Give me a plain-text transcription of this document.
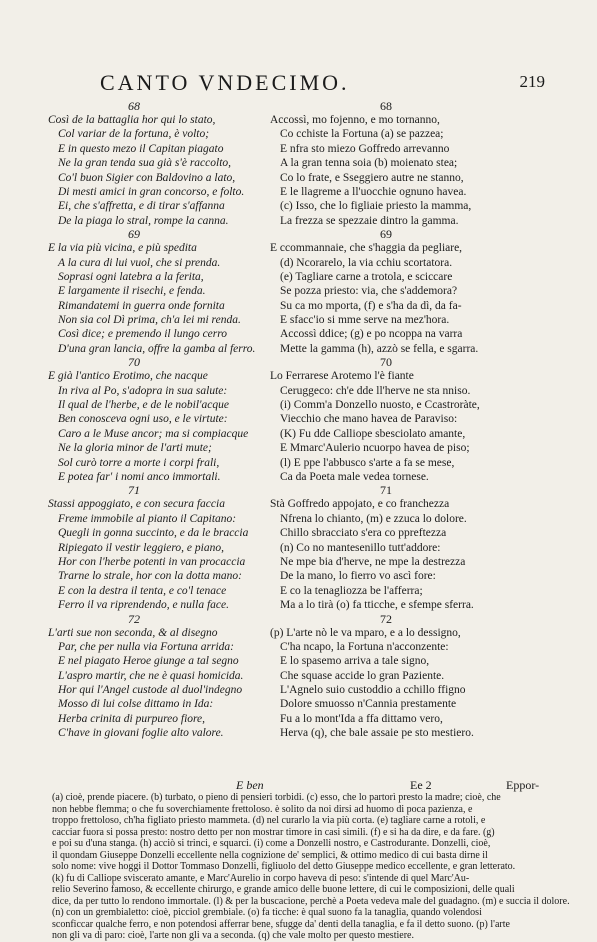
CANTO VNDECIMO.	219
68
Così de la battaglia hor qui lo stato,
Col variar de la fortuna, è volto;
E in questo mezo il Capitan piagato
Ne la gran tenda sua già s'è raccolto,
Co'l buon Sigier con Baldovino a lato,
Di mesti amici in gran concorso, e folto.
Ei, che s'affretta, e di tirar s'affanna
De la piaga lo stral, rompe la canna.
69
E la via più vicina, e più spedita
A la cura di lui vuol, che si prenda.
Soprasi ogni latebra a la ferita,
E largamente il risechi, e fenda.
Rimandatemi in guerra onde fornita
Non sia col Dì prima, ch'a lei mi renda.
Così dice; e premendo il lungo cerro
D'una gran lancia, offre la gamba al ferro.
70
E già l'antico Erotimo, che nacque
In riva al Po, s'adopra in sua salute:
Il qual de l'herbe, e de le nobil'acque
Ben conosceva ogni uso, e le virtute:
Caro a le Muse ancor; ma si compiacque
Ne la gloria minor de l'arti mute;
Sol curò torre a morte i corpi frali,
E potea far' i nomi anco immortali.
71
Stassi appoggiato, e con secura faccia
Freme immobile al pianto il Capitano:
Quegli in gonna succinto, e da le braccia
Ripiegato il vestir leggiero, e piano,
Hor con l'herbe potenti in van procaccia
Trarne lo strale, hor con la dotta mano:
E con la destra il tenta, e co'l tenace
Ferro il va riprendendo, e nulla face.
72
L'arti sue non seconda, & al disegno
Par, che per nulla via Fortuna arrida:
E nel piagato Heroe giunge a tal segno
L'aspro martir, che ne è quasi homicida.
Hor qui l'Angel custode al duol'indegno
Mosso di lui colse dittamo in Ida:
Herba crinita di purpureo fiore,
C'have in giovani foglie alto valore.
68
Accossì, mo fojenno, e mo tornanno,
Co cchiste la Fortuna (a) se pazzea;
E nfra sto miezo Goffredo arrevanno
A la gran tenna soia (b) moienato stea;
Co lo frate, e Sseggiero autre ne stanno,
E le llagreme a ll'uocchie ognuno havea.
(c) Isso, che lo figliaie priesto la mamma,
La frezza se spezzaie dintro la gamma.
69
E ccommannaie, che s'haggia da pegliare,
(d) Ncorarelo, la via cchiu scortatora.
(e) Tagliare carne a trotola, e sciccare
Se pozza priesto: via, che s'addemora?
Su ca mo mporta, (f) e s'ha da dì, da fa-
E sfacc'io si mme serve na mez'hora.
Accossì ddice; (g) e po ncoppa na varra
Mette la gamma (h), azzò se fella, e sgarra.
70
Lo Ferrarese Arotemo l'è fiante
Ceruggeco: ch'e dde ll'herve ne sta nniso.
(i) Comm'a Donzello nuosto, e Ccastroràte,
Viecchio che mano havea de Paraviso:
(K) Fu dde Calliope sbesciolato amante,
E Mmarc'Aulerio ncuorpo havea de piso;
(l) E ppe l'abbusco s'arte a fa se mese,
Ca da Poeta male vedea tornese.
71
Stà Goffredo appojato, e co franchezza
Nfrena lo chianto, (m) e zzuca lo dolore.
Chillo sbracciato s'era co ppreftezza
(n) Co no mantesenillo tutt'addore:
Ne mpe bia d'herve, ne mpe la destrezza
De la mano, lo fierro vo ascì fore:
E co la tenagliozza be l'afferra;
Ma a lo tirà (o) fa tticche, e sfempe sferra.
72
(p) L'arte nò le va mparo, e a lo dessigno,
C'ha ncapo, la Fortuna n'acconzente:
E lo spasemo arriva a tale signo,
Che squase accide lo gran Paziente.
L'Agnelo suio custoddio a cchillo ffigno
Dolore smuosso n'Cannia prestamente
Fu a lo mont'Ida a ffa dittamo vero,
Herva (q), che bale assaie pe sto mestiero.
E ben	Ee 2	Eppor-
(a) cioè, prende piacere. (b) turbato, o pieno di pensieri torbidi. (c) esso, che lo partorì presto la madre; cioè, che
non hebbe flemma; o che fu soverchiamente frettoloso. è solito da noi dirsi ad huomo di poca pazienza, e
troppo frettoloso, ch'ha figliato priesto mammeta. (d) nel curarlo la via più corta. (e) tagliare carne a rotoli, e
cacciar fuora si possa presto: nostro detto per non mostrar timore in casi simili. (f) e si ha da dire, e da fare. (g)
e poi su d'una stanga. (h) acciò si trinci, e squarci. (i) come a Donzelli nostro, e Castrodurante. Donzelli, cioè,
il quondam Giuseppe Donzelli eccellente nella cognizione de' semplici, & ottimo medico di cui basta dirne il
solo nome: vive hoggi il Dottor Tommaso Donzelli, figliuolo del detto Giuseppe medico eccellente, e gran letterato.
(k) fu di Calliope sviscerato amante, e Marc'Aurelio in corpo haveva di peso: s'intende di quel Marc'Au-
relio Severino famoso, & eccellente chirurgo, e grande amico delle buone lettere, di cui le composizioni, delle quali
dice, da per tutto lo rendono immortale. (l) & per la buscacione, perchè a Poeta vedeva male del guadagno. (m) e succia il dolore.
(n) con un grembialetto: cioè, picciol grembiale. (o) fa ticche: è qual suono fa la tanaglia, quando volendosi
sconficcar qualche ferro, e non potendosi afferrar bene, sfugge da' denti della tanaglia, e fa il detto suono. (p) l'arte
non gli va di paro: cioè, l'arte non gli va a seconda. (q) che vale molto per questo mestiere.
